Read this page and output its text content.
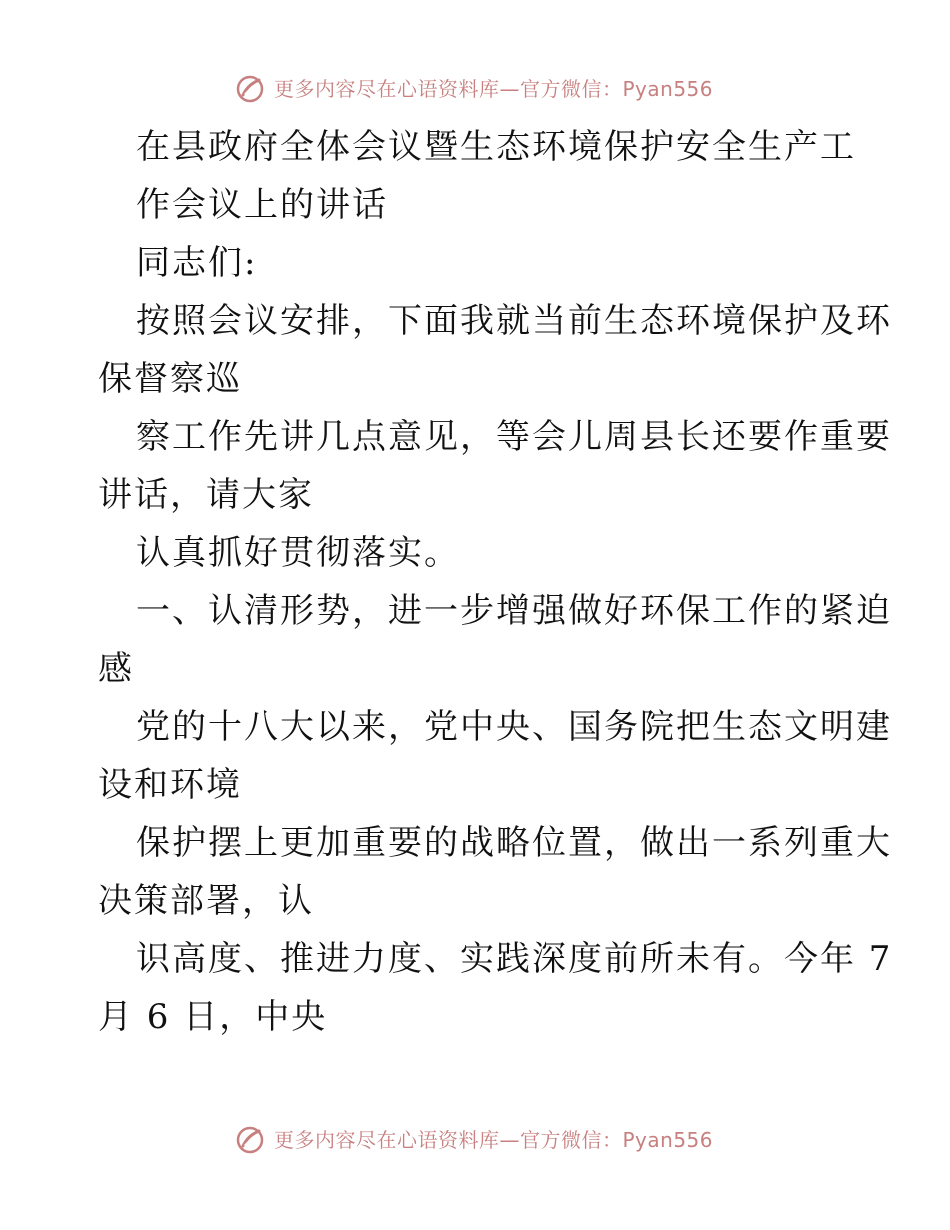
更多内容尽在心语资料库—官方微信：Pyan556
在县政府全体会议暨生态环境保护安全生产工
作会议上的讲话
同志们:
按照会议安排，下面我就当前生态环境保护及环
保督察巡
察工作先讲几点意见，等会儿周县长还要作重要
讲话，请大家
认真抓好贯彻落实。
一、认清形势，进一步增强做好环保工作的紧迫
感
党的十八大以来，党中央、国务院把生态文明建
设和环境
保护摆上更加重要的战略位置，做出一系列重大
决策部署，认
识高度、推进力度、实践深度前所未有。今年 7
月 6 日，中央
更多内容尽在心语资料库—官方微信：Pyan556
